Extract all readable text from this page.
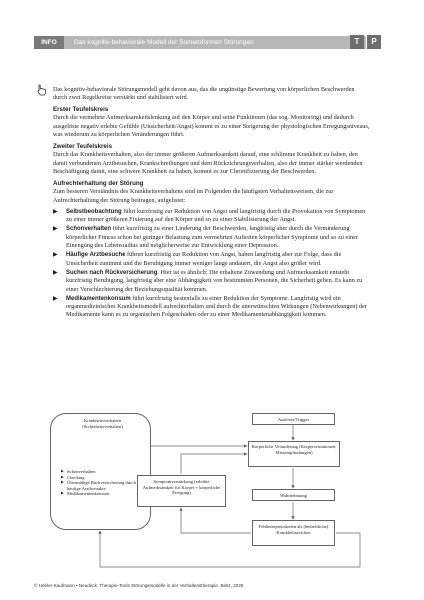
INFO	Das kognitiv-behaviorale Modell der Somatoformen Störungen	T	P

Das kognitiv-behaviorale Störungsmodell geht davon aus, das die ungünstige Bewertung von körperlichen Beschwerden durch zwei Regelkreise verstärkt und stabilisiert wird.

Erster Teufelskreis

Durch die vermehrte Aufmerksamkeitslenkung auf den Körper und seine Funktionen (das sog. Monitoring) und dadurch ausgelöste negativ erlebte Gefühle (Unsicherheit/Angst) kommt es zu einer Steigerung der physiologischen Erregungsniveaus, was wiederum zu körperlichen Veränderungen führt.

Zweiter Teufelskreis

Durch das Krankheitsverhalten, also der immer größeren Aufmerksamkeit darauf, eine schlimme Krankheit zu haben, den damit verbundenen Arztbesuchen, Krankschreibungen und dem Rückzichrungsverhalten, also der immer stärker werdenden Beschäftigung damit, eine schwere Krankheit zu haben, kommt es zur Chronifizierung der Beschwerden.

Aufrechterhaltung der Störung

Zum besseren Verständnis des Krankheitsverhaltens sind im Folgenden die häufigsten Verhaltensweisen, die zur Aufrechterhaltung der Störung beitragen, aufgelistet:

▶ Selbstbeobachtung führt kurzfristig zur Reduktion von Angst und langfristig durch die Provokation von Symptomen zu einer immer größeren Fixierung auf den Körper und so zu einer Stabilisierung der Angst.
▶ Schonverhalten führt kurzfristig zu einer Linderung der Beschwerden, langfristig aber durch die Verminderung körperlicher Fitness schon bei geringer Belastung zum vermehrten Auftreten körperlicher Symptome und so zu einer Einengung des Lebensradius und möglicherweise zur Entwicklung einer Depression.
▶ Häufige Arztbesuche führen kurzfristig zur Reduktion von Angst, haben langfristig aber zur Folge, dass die Unsicherheit zunimmt und die Beruhigung immer weniger lange andauert, die Angst also größer wird.
▶ Suchen nach Rückversicherung. Hier ist es ähnlich: Die erhaltene Zuwendung und Aufmerksamkeit entsteht kurzfristig Beruhigung, langfristig aber eine Abhängigkeit von bestimmten Personen, die Sicherheit geben. Es kann zu einer Verschlechterung der Beziehungsqualität kommen.
▶ Medikamentenkonsum führt kurzfristig bestenfalls zu einer Reduktion der Symptome. Langfristig wird ein organmedizinisches Krankheitsmodell aufrechterhalten und durch die unerwünschten Wirkungen (Nebenwirkungen) der Medikamente kann es zu organischen Folgeschäden oder zu einer Medikamentenabhängigkeit kommen.
Krankheitsverhalten (Sicherheitsverhalten)
▶ Schonverhalten
▶ Checking
▶ Übermäßige Rückversicherung durch häufige Arztkontakte
▶ Medikamentenkonsum
Auslöser/Trigger
Körperliche Veränderung (Körpersensationen, Missempfindungen)
Symptomverstärkung (erhöhte Aufmerksamkeit für Körper + körperliche Erregung)
Wahrnehmung
Fehlinterpretationen als (bedrohliche) Krankheitszeichen
© Hebler-Kaufmann • Neudeck: Therapie-Tools Störungsmodelle in der Verhaltenstherapie. Beltz, 2025
